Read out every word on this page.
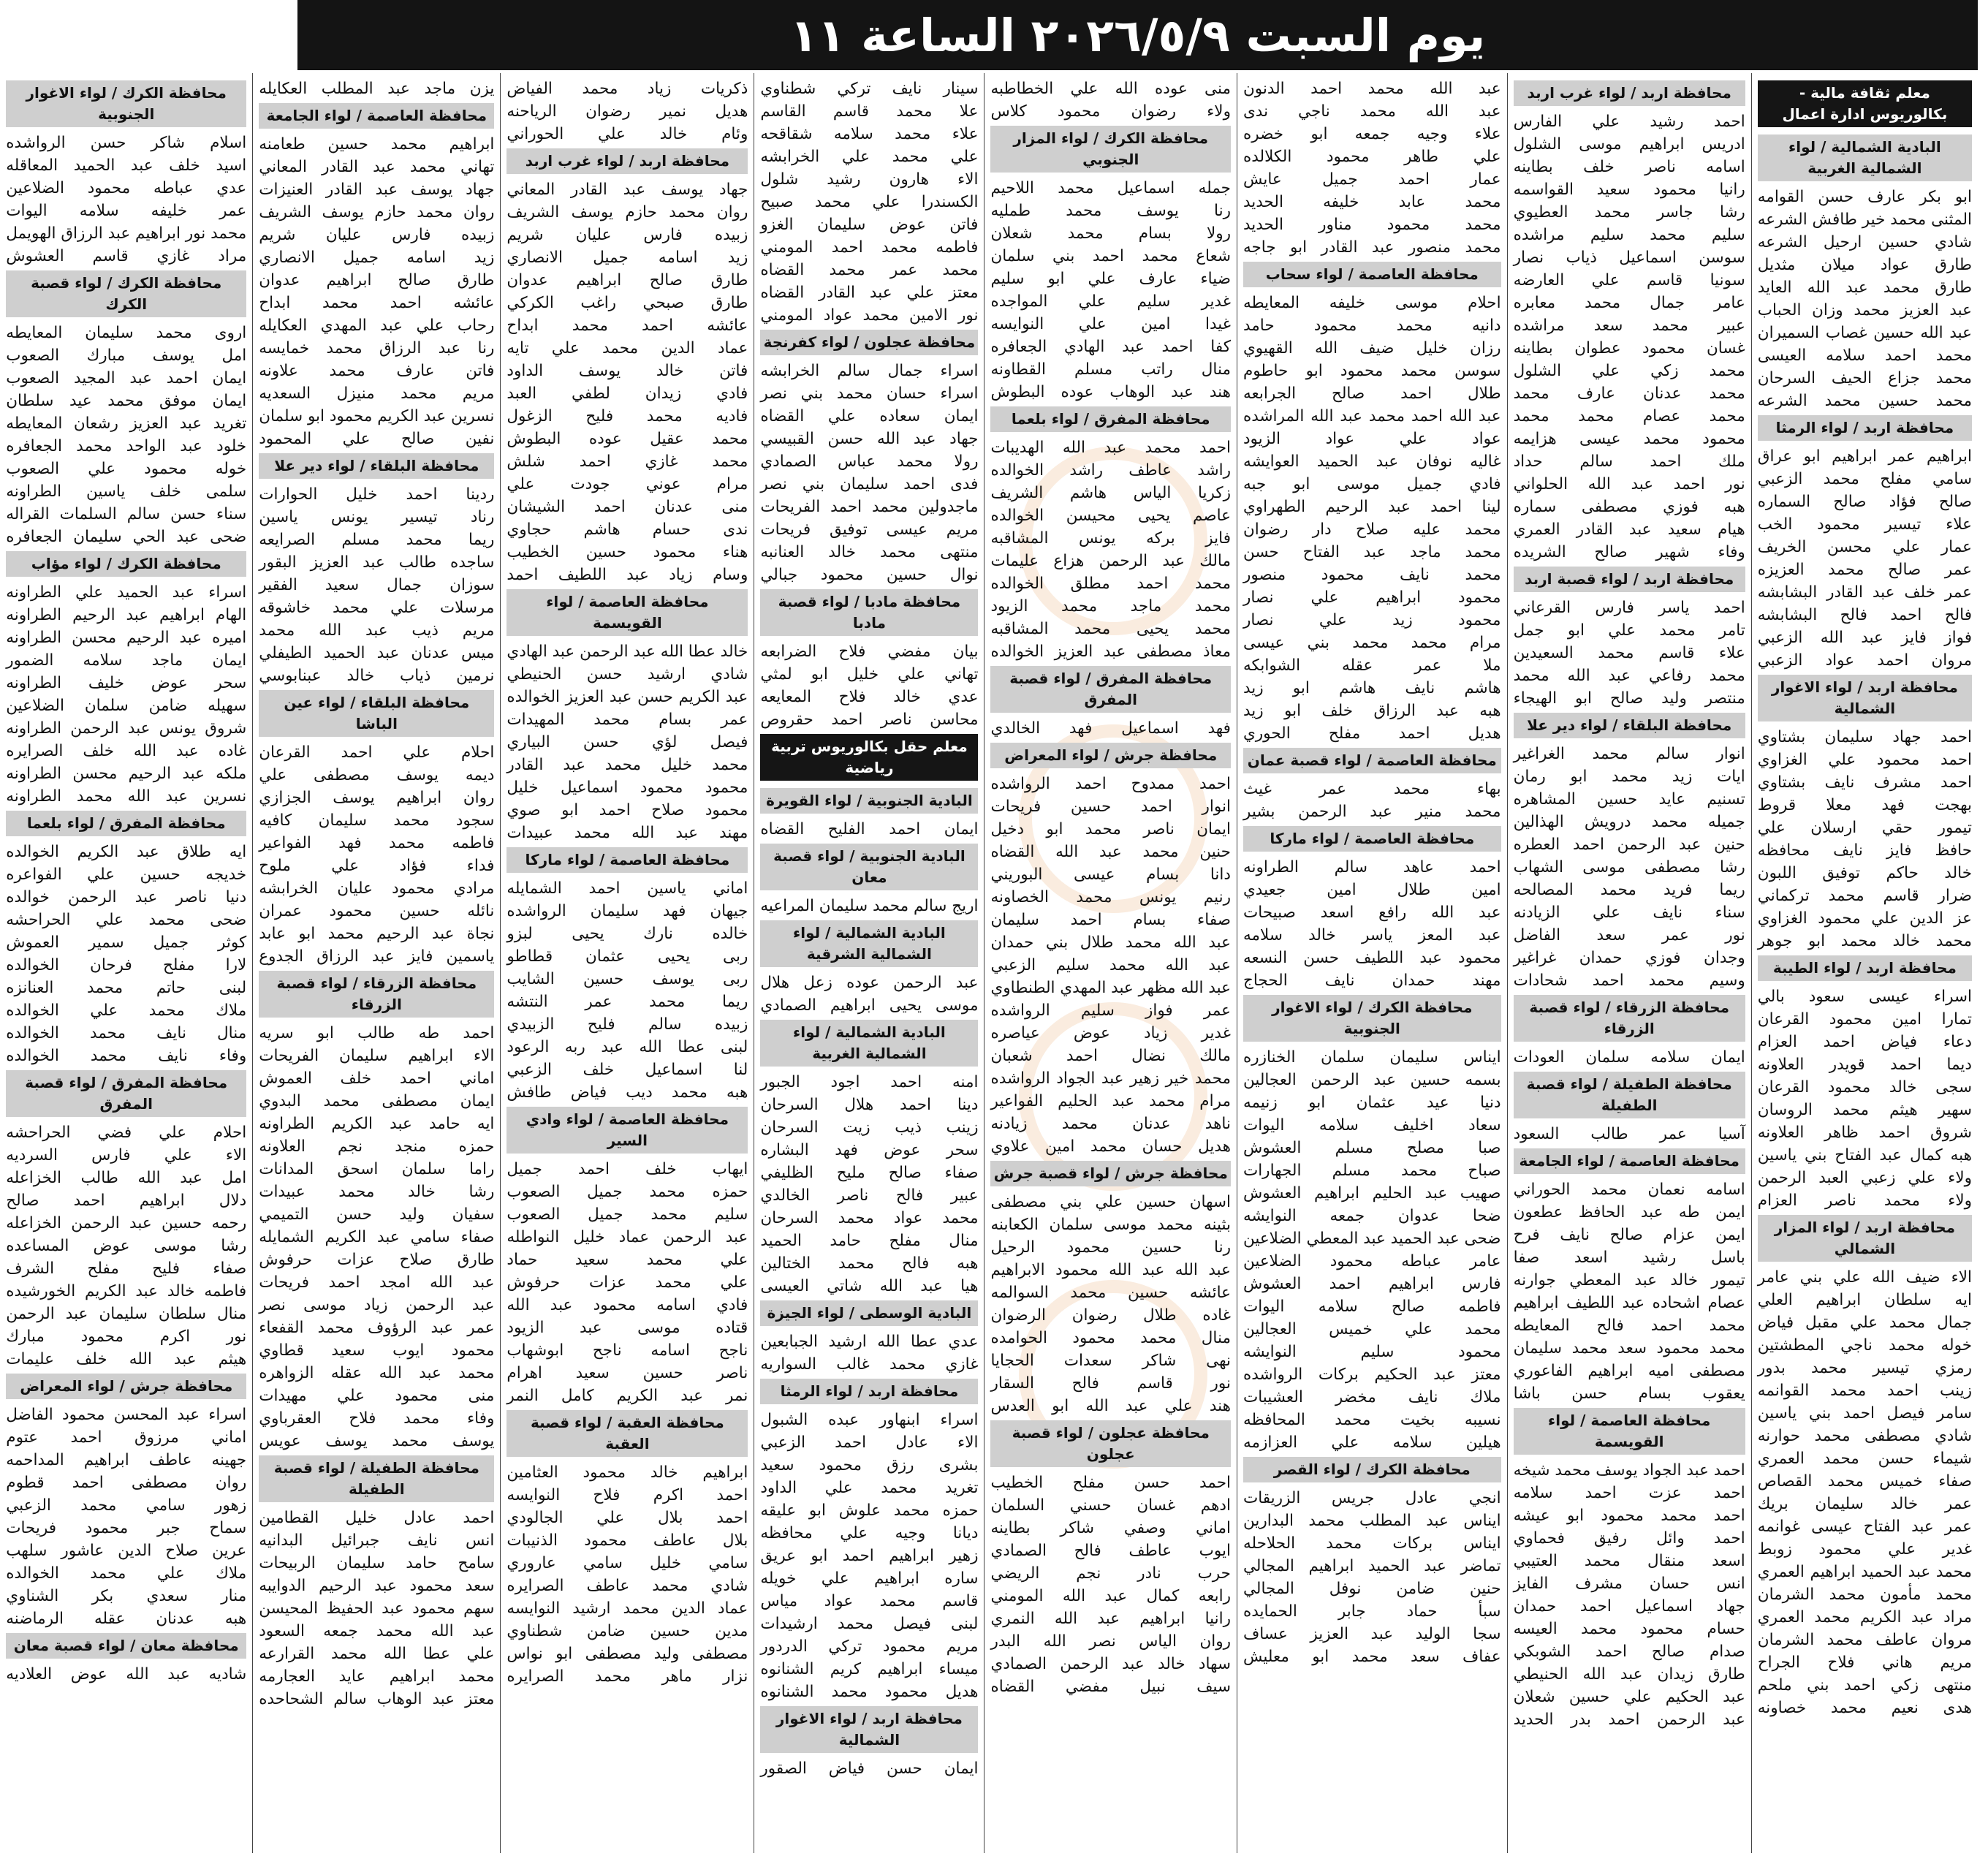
يوم السبت ٢٠٢٦/٥/٩ الساعة ١١
معلم ثقافة مالية - بكالوريوس ادارة اعمال
البادية الشمالية / لواء الشمالية الغربية
ابو بكر عارف حسن القوامه
المثنى محمد خير طافش الشرعه
شادي حسين ارحيل الشرعه
طارق عواد ميلان مثديل
طارق محمد عبد الله العايد
عبد العزيز محمد وزان الحباب
عبد الله حسين غصاب السميران
محمد احمد سلامه العيسى
محمد جزاع الحيف السرحان
محمد حسين محمد الشرعه
محافظة اربد / لواء الرمثا
ابراهيم عمر ابراهيم ابو عراق
سامي مفلح محمد الزعبي
صالح فؤاد صالح السماره
علاء تيسير محمود الخب
عمار علي محسن الخريف
عمر صالح محمد العزيزه
عمر خلف عبد القادر البشابشه
فالح احمد فالح البشابشه
فواز فايز عبد الله الزعبي
مروان احمد عواد الزعبي
محافظة اربد / لواء الاغوار الشمالية
احمد جهاد سليمان بشتاوي
احمد محمود علي الغزاوي
احمد مشرف نايف بشتاوي
بهجت فهد معلا قروط
تيمور حقي ارسلان علي
حافظ فايز نايف محافظه
خالد حاكم توفيق اللبون
ضرار قاسم محمد تركماني
عز الدين علي محمود الغزاوي
محمد خالد محمد ابو جوهر
محافظة اربد / لواء الطيبة
اسراء عيسى سعود بالي
تمارا امين محمود القرعان
دعاء فياض احمد العزام
ديما احمد قويدر العلاونه
سجى خالد محمود القرعان
سهير هيثم محمد الروسان
شروق احمد ظاهر العلاونه
هبه كمال عبد الفتاح بني ياسين
ولاء علي زعبي العبد الرحمن
ولاء محمد ناصر العزام
محافظة اربد / لواء المزار الشمالي
الاء ضيف الله علي بني عامر
ايه سلطان ابراهيم العلي
جمال محمد علي مقبل فياض
خوله محمد ناجي المطشتين
رمزي تيسير محمد بدور
زينب احمد محمد القوانمه
سامر فيصل احمد بني ياسين
شادي مصطفى محمد حوارنه
شيماء حسن محمد العمري
صفاء خميس محمد القصاص
عمر خالد سليمان بريك
عمر عبد الفتاح عيسى غوانمه
غدير علي محمود زوبط
محمد عبد الحميد ابراهيم العمري
محمد مأمون محمد الشرمان
مراد عبد الكريم محمد العمري
مروان عاطف محمد الشرمان
مريم هاني فلاح الجراح
منتهى زكي احمد بني ملحم
هدى نعيم محمد خصاونه
محافظة اربد / لواء غرب اربد
احمد رشيد علي الفارس
ادريس ابراهيم موسى الشلول
اسامه ناصر خلف بطاينه
رانيا محمود سعيد القواسمه
رشا جاسر محمد العطيوي
سليم محمد سليم مراشده
سوسن اسماعيل ذياب نصار
سونيا قاسم علي العارضه
عامر جمال محمد معابره
عبير محمد سعد مراشده
غسان محمود عطوان بطاينه
محمد زكي علي الشلول
محمد عدنان عارف محمد
محمد عصام محمد محمد
محمود محمد عيسى هزايمه
ملك احمد سالم حداد
نور احمد عبد الله الحلواني
هبه فوزي مصطفى سماره
هيام سعيد عبد القادر العمري
وفاء شهير صالح الشريده
محافظة اربد / لواء قصبة اربد
احمد ياسر فارس القرعاني
تامر محمد علي ابو جمل
علاء قاسم محمد السعيدين
محمد رفاعي عبد الله محمد
منتصر وليد صالح ابو الهيجاء
محافظة البلقاء / لواء دير علا
انوار سالم محمد الغراغير
ايات زيد محمد ابو رمان
تسنيم عايد حسين المشاهره
جميله محمد درويش الهذالين
حنين عبد الرحمن احمد العطره
رشا مصطفى موسى الشهاب
ريما فريد محمد المصالحه
سناء نايف علي الزيادنه
نور عمر سعد الفاضل
وجدان فوزي حمدان غراغير
وسيم محمد احمد شحادات
محافظة الزرقاء / لواء قصبة الزرقاء
ايمان سلامه سلمان العودات
محافظة الطفيلة / لواء قصبة الطفيلة
آسيا عمر طالب السعود
محافظة العاصمة / لواء الجامعة
اسامه نعمان محمد الحوراني
ايمن طه عبد الحافظ عطعون
ايمن عزام صالح نايف فرح
باسل رشيد اسعد صفا
تيمور خالد عبد المعطي جوارنه
عصام اشحاده عبد اللطيف ابراهيم
محمد احمد فالح المعايطه
محمد محمود سعد محمد سليمان
مصطفى اميه ابراهيم الفاعوري
يعقوب بسام حسن باشا
محافظة العاصمة / لواء القويسمة
احمد عبد الجواد يوسف محمد شيخه
احمد عزت احمد سلامه
احمد محمد محمود ابو عيشه
احمد وائل رفيق فحماوي
اسعد منقال محمد العتيبي
انس حسان مشرف الفايز
جهاد اسماعيل احمد حمدان
حسام محمود محمد العيسه
صدام صالح احمد الشوبكي
طارق زيدان عبد الله الحنيطي
عبد الحكيم علي حسين شعلان
عبد الرحمن احمد بدر الحديد
عبد الله محمد احمد الدنون
عبد الله محمد ناجي ندى
علاء وجيه جمعه ابو خضره
علي طاهر محمود الكلالده
عمار احمد جميل عايش
محمد عابد خليفه الحديد
محمد محمود مناور الحديد
محمد منصور عبد القادر ابو جاجه
محافظة العاصمة / لواء سحاب
احلام موسى خليفه المعايطه
دانيه محمد محمود حامد
رزان خليل ضيف الله القهيوي
سوسن محمد محمود ابو حاطوم
طلال احمد صالح الجرابعه
عبد الله احمد محمد عبد الله المراشده
عواد علي عواد الزيود
غاليه نوفان عبد الحميد العوايشه
فادي جميل موسى ابو جبه
لينا احمد عبد الرحيم الطهراوي
محمد عليه صلاح دار رضوان
محمد ماجد عبد الفتاح حسن
محمد نايف محمود منصور
محمود ابراهيم علي نصار
محمود زيد علي نصار
مرام محمد محمد بني عيسى
ملا عمر عقله الشوابكه
هاشم نايف هاشم ابو زيد
هبه عبد الرزاق خلف ابو زيد
هديل احمد مفلح الحوري
محافظة العاصمة / لواء قصبة عمان
بهاء محمد عمر غيث
محمد منير عبد الرحمن بشير
محافظة العاصمة / لواء ماركا
احمد عاهد سالم الطراونه
امين طلال امين جعيدي
عبد الله رافع اسعد صبيحات
عبد المعز ياسر خالد سلامه
محمود عبد اللطيف حسن النسعه
مهند حمدان نايف الحجاج
محافظة الكرك / لواء الاغوار الجنوبية
ايناس سليمان سلمان الخنازره
بسمه حسين عبد الرحمن العجالين
دنيا عيد عثمان ابو زنيمه
سعاد اخليف سلامه اليوات
صبا مصلح مسلم العشوش
صباح محمد مسلم الجهارات
صهيب عبد الحليم ابراهيم العشوش
ضحا عدوان جمعه النوايشه
ضحى عبد الحميد عبد المعطي الضلاعين
عامر عباطه محمود الضلاعين
فارس ابراهيم احمد العشوش
فاطمه صالح سلامه اليوات
محمد علي خميس العجالين
محمود سليم النوايشه
معتز عبد الحكيم بركات الرواشده
ملاك نايف مخضر العشيبات
نسيبه بخيت محمد المحافظه
هيلين سلامه علي العزازمه
محافظة الكرك / لواء القصر
انجي عادل جريس الزريقات
ايناس عبد المطلب محمد البدارين
ايناس بركات محمد الحلاحله
تماضر عبد الحميد ابراهيم المجالي
حنين ضامن نوفل المجالي
سبأ حماد جابر الحمايده
سجا الوليد عبد العزيز عساف
عفاف سعد محمد ابو معليش
منى عوده الله علي الخطاطبه
ولاء رضوان محمود كلاس
محافظة الكرك / لواء المزار الجنوبي
جمله اسماعيل محمد اللاحيم
رنا يوسف محمد طمليه
رولا بسام محمد شعلان
شعاع محمد احمد بني سلمان
ضياء عارف علي ابو سليم
غدير سليم علي المواجده
غيدا امين علي النوايسه
كفا احمد عبد الهادي الجعافره
منال راتب مسلم القطاونه
هند عبد الوهاب عوده البطوش
محافظة المفرق / لواء بلعما
احمد محمد عبد الله الهديبات
راشد عاطف راشد الخوالده
زكريا الياس هاشم الشريف
عاصم يحيى محيسن الخوالده
فايز بركه يونس المشاقبه
مالك عبد الرحمن هزاع عليمات
محمد احمد مطلق الخوالده
محمد ماجد محمد الزيود
محمد يحيى محمد المشاقبه
معاذ مصطفى عبد العزيز الخوالده
محافظة المفرق / لواء قصبة المفرق
فهد اسماعيل فهد الخالدي
محافظة جرش / لواء المعراض
احمد ممدوح احمد الرواشده
انوار احمد حسين فريحات
ايمان ناصر محمد ابو دخيل
حنين محمد عبد الله القضاه
دانا بسام عيسى البوريني
رنيم يونس محمد الخصاونه
صفاء بسام احمد سليمان
عبد الله محمد طلال بني حمدان
عبد الله محمد سليم الزعبي
عبد الله مظهر عبد المهدي الطنطاوي
عمر فواز سليم الرواشده
غدير زياد عوض عياصره
مالك نضال احمد شعبان
محمد خير زهير عبد الجواد الرواشده
مرام محمد عبد الحليم الفواعير
ناهد عدنان محمد زيادنه
هديل حسان محمد امين علاوي
محافظة جرش / لواء قصبة جرش
اسهان حسين علي بني مصطفى
بثينه محمد موسى سلمان الكعابنه
رنا حسين محمود الرحيل
عبد الله عبد الله محمود الابراهيم
عائشه حسين محمد السوالمه
غاده طلال رضوان الرضوان
منال محمد محمود الحوامده
نهى شاكر سعدات الحجايا
نور قاسم فالح السقار
هند علي عبد الله ابو العدس
محافظة عجلون / لواء قصبة عجلون
احمد حسن مفلح الخطيب
ادهم غسان حسني السلمان
اماني وصفي شاكر بطاينه
ايوب عاطف فالح الصمادي
حرب نادر نجم الريضي
رابعه كمال عبد الله المومني
رانيا ابراهيم عبد الله النمري
روان الياس نصر الله البدر
سهاد خالد عبد الرحمن الصمادي
سيف نبيل مفضي القضاه
سينار نايف تركي شطناوي
علا محمد قاسم القاسم
علاء محمد سلامه شقاقحه
علي محمد علي الخرابشه
الاء هارون رشيد شلول
الكسندرا علي محمد صبيح
فاتن عوض سليمان الغزو
فاطمه محمد احمد المومني
محمد عمر محمد القضاه
معتز علي عبد القادر القضاه
نور الامين محمد عواد المومني
محافظة عجلون / لواء كفرنجة
اسراء جمال سالم الخرابشه
اسراء حسان محمد بني نصر
ايمان سعاده علي القضاه
جهاد عبد الله حسن القبيسي
رولا محمد عباس الصمادي
فدى احمد سليمان بني نصر
ماجدولين محمد احمد الفريحات
مريم عيسى توفيق فريحات
منتهى محمد خالد العنانبه
نوال حسين محمود جبالي
محافظة مادبا / لواء قصبة مادبا
بيان مفضي فلاح الضرابعه
تهاني علي خليل ابو لمثي
عدي خالد فلاح المعايعه
محاسن ناصر احمد حقروص
معلم حقل بكالوريوس تربية رياضية
البادية الجنوبية / لواء القويرة
ايمان احمد الفليح القضاه
البادية الجنوبية / لواء قصبة معان
اريج سالم محمد سليمان المراعيه
البادية الشمالية / لواء الشمالية الشرقية
عبد الرحمن عوده زعل هلال
موسى يحيى ابراهيم الصمادي
البادية الشمالية / لواء الشمالية الغربية
امنه احمد اجود الجبور
دينا احمد هلال السرحان
زينب ذيب زيت السرحان
سحر عوض فهد البشاره
صفاء صالح مليح الظليفي
عبير فالح ناصر الخالدي
محمد عواد محمد السرحان
منال مفلح حامد الحميد
هبه فالح محمد الختالين
هيا عبد الله شاتي العيسى
البادية الوسطى / لواء الجيزة
عدي عطا الله ارشيد الجبابعين
غازي محمد غالب السواريه
محافظة اربد / لواء الرمثا
اسراء ابنهاور عبده الشبول
الاء عادل احمد الزعبي
بشرى رزق محمود سعيد
تغريد محمد علي الداود
حمزه محمد علوش ابو عليقه
ديانا وجيه علي محافظه
زهير ابراهيم احمد ابو عريق
ساره ابراهيم علي خويله
قاسم محمد عواد مياس
لبنى فيصل محمد ارشيدات
مريم محمود تركي الدردور
ميساء ابراهيم كريم الشنانوه
هديل محمود محمد الشنانوه
محافظة اربد / لواء الاغوار الشمالية
ايمان حسن فياض الصقور
ذكريات زياد محمد الفياض
هديل نمير رضوان الرياحنه
وئام خالد علي الحوراني
محافظة اربد / لواء غرب اربد
جهاد يوسف عبد القادر المعاني
روان محمد حازم يوسف الشريف
زبيده فارس عليان شريم
زيد اسامه جميل الانصاري
طارق صالح ابراهيم عدوان
طارق صبحي راغب الكركي
عائشه احمد محمد ابداح
عماد الدين محمد علي تايه
فاتن خالد يوسف الداود
فادي زيدان لطفي العبد
فاديه محمد فليح الزغول
محمد عقيل عوده البطوش
محمد غازي احمد شلش
مرام عوني جودت علي
منى عدنان احمد الشيشان
ندى حسام هاشم حجاوي
هناء محمود حسين الخطيب
وسام زياد عبد اللطيف احمد
محافظة العاصمة / لواء القويسمة
خالد عطا الله عبد الرحمن عبد الهادي
شادي ارشيد حسن الحنيطي
عبد الكريم حسن عبد العزيز الخوالده
عمر بسام محمد المهيدات
فيصل لؤي حسن البياري
محمد خليل محمد عبد القادر
محمود محمود اسماعيل خليل
محمود صلاح احمد ابو صوي
مهند عبد الله محمد عبيدات
محافظة العاصمة / لواء ماركا
اماني ياسين احمد الشمايله
جيهان فهد سليمان الرواشده
خالده نارك يحيى لبزو
ربى يحيى عثمان قطاطو
ربى يوسف حسين الشايب
ريما محمد عمر النتشه
زبيده سالم فليح الزبيدي
لبنى عطا الله عبد ربه الرعود
لنا اسماعيل خلف الزعبي
هبه محمد ديب فياض طافش
محافظة العاصمة / لواء وادي السير
ايهاب خلف احمد جميل
حمزه محمد جميل الصعوب
سليم محمد جميل الصعوب
عبد الرحمن عماد خليل النواطله
علي محمد سعيد حماد
علي محمد عزات حرفوش
فادي اسامه محمود عبد الله
قتاده موسى عبد الزيود
ناجح اسامه ناجح ابوشهاب
ناصر حسين سعيد اهرام
نمر عبد الكريم كامل النمر
محافظة العقبة / لواء قصبة العقبة
ابراهيم خالد محمود العثامين
احمد اكرم فلاح النوايسه
احمد بلال علي الجالودي
بلال عاطف محمود الذنيبات
سامي خليل سامي عاروري
شادي محمد عاطف الصرايره
عماد الدين محمد ارشيد النوايسه
مدين حسين ضامن شطناوي
مصطفى وليد مصطفى ابو نواس
نزار ماهر محمد الصرايره
يزن ماجد عبد المطلب العكايله
محافظة العاصمة / لواء الجامعة
ابراهيم محمد حسين طعامنه
تهاني محمد عبد القادر المعاني
جهاد يوسف عبد القادر العنيزات
روان محمد حازم يوسف الشريف
زبيده فارس عليان شريم
زيد اسامه جميل الانصاري
طارق صالح ابراهيم عدوان
عائشه احمد محمد ابداح
رحاب علي عبد المهدي العكايله
رنا عبد الرزاق محمد خمايسه
فاتن عارف محمد علاونه
مريم محمد منيزل السعديه
نسرين عبد الكريم محمود ابو سلمان
نفين صالح علي المحمود
محافظة البلقاء / لواء دير علا
ردينا احمد خليل الحوارات
رناد تيسير يونس ياسين
ريما محمد مسلم الصرايعه
ساجده طالب عبد العزيز البقور
سوزان جمال سعيد الفقير
مرسلات علي محمد خاشوقه
مريم ذيب عبد الله محمد
ميس عدنان عبد الحميد الطيفلي
نرمين ذياب خالد عبنابوسي
محافظة البلقاء / لواء عين الباشا
احلام علي احمد القرعان
ديمه يوسف مصطفى علي
روان ابراهيم يوسف الجزازي
سجود محمد سليمان كافيه
فاطمه محمد فهد الفواعير
فداء فؤاد علي ملوح
مرادي محمود عليان الخرابشه
نائله حسين محمود عمران
نجاة عبد الرحيم محمد ابو عابد
ياسمين فايز عبد الرزاق الجدوع
محافظة الزرقاء / لواء قصبة الزرقاء
احمد طه طالب ابو سريه
الاء ابراهيم سليمان الفريحات
اماني احمد خلف العموش
ايمان مصطفى محمد البدوي
ايه حامد عبد الكريم الطراونه
حمزه منجد نجم العلاونه
راما سلمان اسحق المدانات
رشا خالد محمد عبيدات
سفيان وليد حسن التميمي
صفاء سامي عبد الكريم الشمايله
طارق صلاح عزات حرفوش
عبد الله امجد احمد فريحات
عبد الرحمن زياد موسى نصر
عمر عبد الرؤوف محمد القفعاء
محمود ايوب سعيد قطاوي
محمد عبد الله عقله الزواهره
منى محمود علي مهيدات
وفاء محمد فلاح العقرباوي
يوسف محمد يوسف عويس
محافظة الطفيلة / لواء قصبة الطفيلة
احمد عادل خليل القطامين
انس نايف جبرائيل البدانيه
سامح حامد سليمان الربيحات
سعد محمود عبد الرحيم الدوايبه
سهم محمود عبد الحفيظ المحيسن
عبد الله محمد جمعه السعود
علي عطا الله محمد القرارعه
محمد ابراهيم عايد العجارمه
معتز عبد الوهاب سالم الشحاحده
محافظة الكرك / لواء الاغوار الجنوبية
اسلام شاكر حسن الرواشده
اسيد خلف عبد الحميد المعاقله
عدي عباطه محمود الضلاعين
عمر خليفه سلامه اليوات
محمد نور ابراهيم عبد الرزاق الهويمل
مراد غازي قاسم العشوش
محافظة الكرك / لواء قصبة الكرك
اروى محمد سليمان المعايطه
امل يوسف مبارك الصعوب
ايمان احمد عبد المجيد الصعوب
ايمان موفق محمد عيد سلطان
تغريد عبد العزيز رشعان المعايطه
خلود عبد الواحد محمد الجعافره
خوله محمود علي الصعوب
سلمى خلف ياسين الطراونه
سناء حسن سالم السلمات القراله
ضحى عبد الحي سليمان الجعافره
محافظة الكرك / لواء مؤاب
اسراء عبد الحميد علي الطراونه
الهام ابراهيم عبد الرحيم الطراونه
اميره عبد الرحيم محسن الطراونه
ايمان ماجد سلامه الضمور
سحر عوض خليف الطراونه
سهيله ضامن سلمان الضلاعين
شروق يونس عبد الرحمن الطراونه
غاده عبد الله خلف الصرايره
ملكه عبد الرحيم محسن الطراونه
نسرين عبد الله محمد الطراونه
محافظة المفرق / لواء بلعما
ايه طلاق عبد الكريم الخوالده
خديجه حسين علي الفواعره
دنيا ناصر عبد الرحمن خوالده
ضحى محمد علي الحراحشه
كوثر جميل سمير العموش
لارا مفلح فرحان الخوالده
لبنى حاتم محمد العنانزه
ملاك محمد علي الخوالده
منال نايف محمد الخوالده
وفاء نايف محمد الخوالده
محافظة المفرق / لواء قصبة المفرق
احلام علي فضي الحراحشه
الاء علي فارس السرديه
امل عبد الله طالب الخزاعله
دلال ابراهيم احمد صالح
رحمه حسين عبد الرحمن الخزاعله
رشا موسى عوض المساعده
صفاء فليح مفلح الشرف
فاطمه خالد عبد الكريم الخورشيده
منال سلطان سليمان عبد الرحمن
نور اكرم محمود مبارك
هيثم عبد الله خلف عليمات
محافظة جرش / لواء المعراض
اسراء عبد المحسن محمود الفاضل
اماني مرزوق احمد عتوم
جهينه عاطف ابراهيم المداحمه
روان مصطفى احمد قطوم
زهور سامي محمد الزعبي
سماح جبر محمود فريحات
عرين صلاح الدين عاشور سلهب
ملاك علي محمد الخوالده
منار سعدي بكر الشناوي
هبه عدنان عقله الرماضنه
محافظة معان / لواء قصبة معان
شاديه عبد الله عوض العلاديه
